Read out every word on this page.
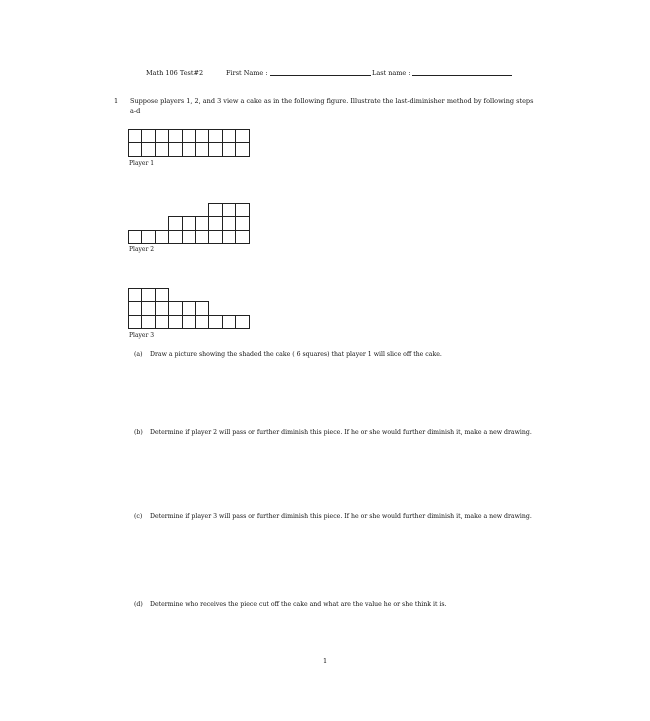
Math 106 Test#2	First Name :	Last name :
1 Suppose players 1, 2, and 3 view a cake as in the following figure. Illustrate the last-diminisher method by following steps a-d
Player 1
Player 2
Player 3
(a) Draw a picture showing the shaded the cake ( 6 squares) that player 1 will slice off the cake.
(b) Determine if player 2 will pass or further diminish this piece. If he or she would further diminish it, make a new drawing.
(c) Determine if player 3 will pass or further diminish this piece. If he or she would further diminish it, make a new drawing.
(d) Determine who receives the piece cut off the cake and what are the value he or she think it is.
1
